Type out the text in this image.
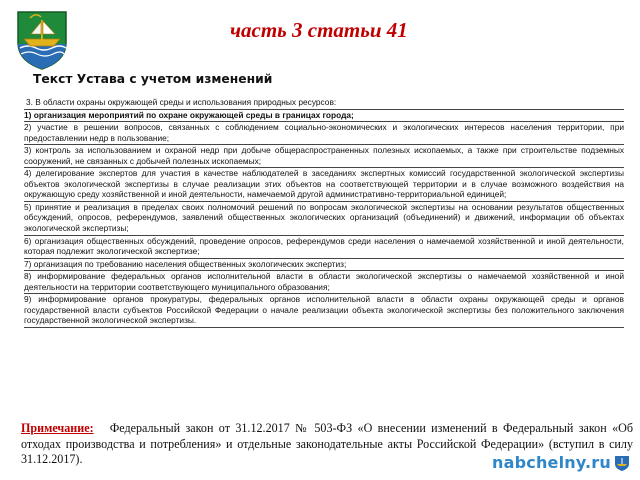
часть 3 статьи 41
Текст Устава с учетом изменений

3. В области охраны окружающей среды и использования природных ресурсов:

1) организация мероприятий по охране окружающей среды в границах города;

2) участие в решении вопросов, связанных с соблюдением социально-экономических и экологических интересов населения территории, при предоставлении недр в пользование;

3) контроль за использованием и охраной недр при добыче общераспространенных полезных ископаемых, а также при строительстве подземных сооружений, не связанных с добычей полезных ископаемых;

4) делегирование экспертов для участия в качестве наблюдателей в заседаниях экспертных комиссий государственной экологической экспертизы объектов экологической экспертизы в случае реализации этих объектов на соответствующей территории и в случае возможного воздействия на окружающую среду хозяйственной и иной деятельности, намечаемой другой административно-территориальной единицей;

5) принятие и реализация в пределах своих полномочий решений по вопросам экологической экспертизы на основании результатов общественных обсуждений, опросов, референдумов, заявлений общественных экологических организаций (объединений) и движений, информации об объектах экологической экспертизы;

6) организация общественных обсуждений, проведение опросов, референдумов среди населения о намечаемой хозяйственной и иной деятельности, которая подлежит экологической экспертизе;

7) организация по требованию населения общественных экологических экспертиз;

8) информирование федеральных органов исполнительной власти в области экологической экспертизы о намечаемой хозяйственной и иной деятельности на территории соответствующего муниципального образования;

9) информирование органов прокуратуры, федеральных органов исполнительной власти в области охраны окружающей среды и органов государственной власти субъектов Российской Федерации о начале реализации объекта экологической экспертизы без положительного заключения государственной экологической экспертизы.

Примечание: Федеральный закон от 31.12.2017 № 503-ФЗ «О внесении изменений в Федеральный закон «Об отходах производства и потребления» и отдельные законодательные акты Российской Федерации» (вступил в силу 31.12.2017).	nabchelny.ru
